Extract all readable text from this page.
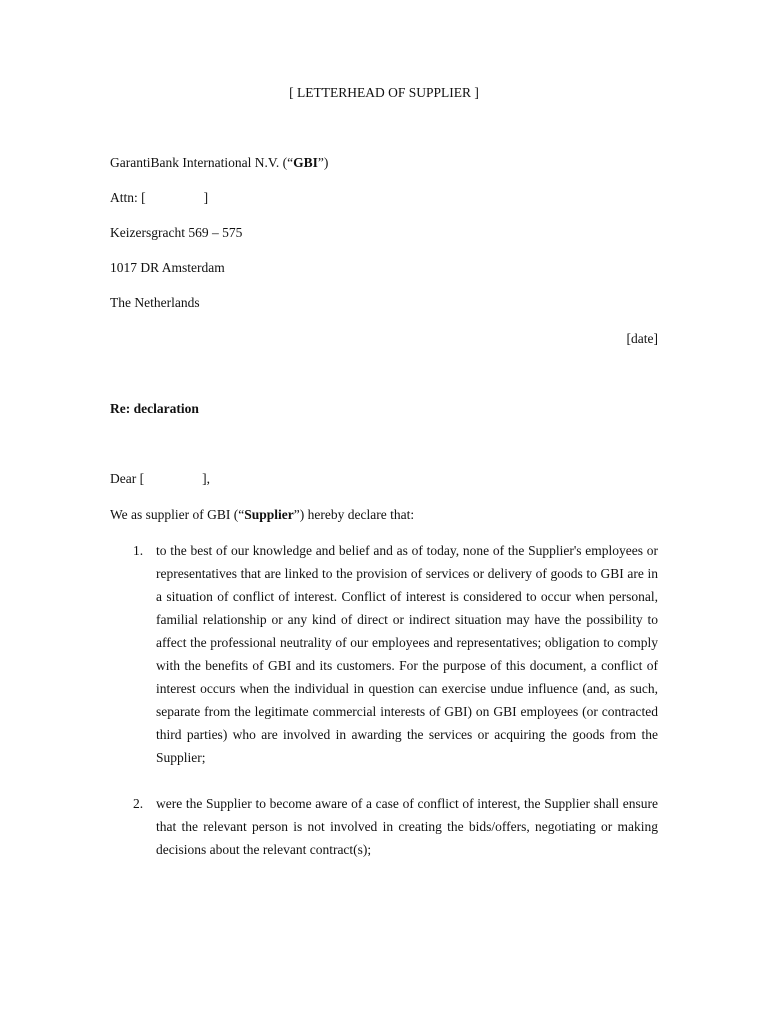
[ LETTERHEAD OF SUPPLIER ]
GarantiBank International N.V. (“GBI”)
Attn: [	]
Keizersgracht 569 – 575
1017 DR Amsterdam
The Netherlands
[date]
Re: declaration
Dear [	],
We as supplier of GBI (“Supplier”) hereby declare that:
1. to the best of our knowledge and belief and as of today, none of the Supplier's employees or representatives that are linked to the provision of services or delivery of goods to GBI are in a situation of conflict of interest. Conflict of interest is considered to occur when personal, familial relationship or any kind of direct or indirect situation may have the possibility to affect the professional neutrality of our employees and representatives; obligation to comply with the benefits of GBI and its customers. For the purpose of this document, a conflict of interest occurs when the individual in question can exercise undue influence (and, as such, separate from the legitimate commercial interests of GBI) on GBI employees (or contracted third parties) who are involved in awarding the services or acquiring the goods from the Supplier;
2. were the Supplier to become aware of a case of conflict of interest, the Supplier shall ensure that the relevant person is not involved in creating the bids/offers, negotiating or making decisions about the relevant contract(s);
